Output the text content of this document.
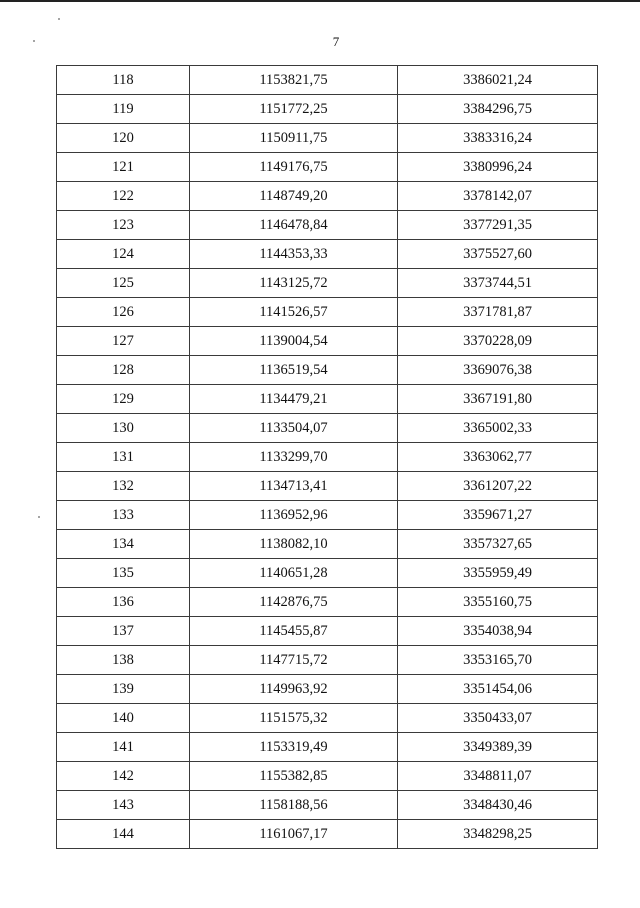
7
118	1153821,75	3386021,24
119	1151772,25	3384296,75
120	1150911,75	3383316,24
121	1149176,75	3380996,24
122	1148749,20	3378142,07
123	1146478,84	3377291,35
124	1144353,33	3375527,60
125	1143125,72	3373744,51
126	1141526,57	3371781,87
127	1139004,54	3370228,09
128	1136519,54	3369076,38
129	1134479,21	3367191,80
130	1133504,07	3365002,33
131	1133299,70	3363062,77
132	1134713,41	3361207,22
133	1136952,96	3359671,27
134	1138082,10	3357327,65
135	1140651,28	3355959,49
136	1142876,75	3355160,75
137	1145455,87	3354038,94
138	1147715,72	3353165,70
139	1149963,92	3351454,06
140	1151575,32	3350433,07
141	1153319,49	3349389,39
142	1155382,85	3348811,07
143	1158188,56	3348430,46
144	1161067,17	3348298,25
